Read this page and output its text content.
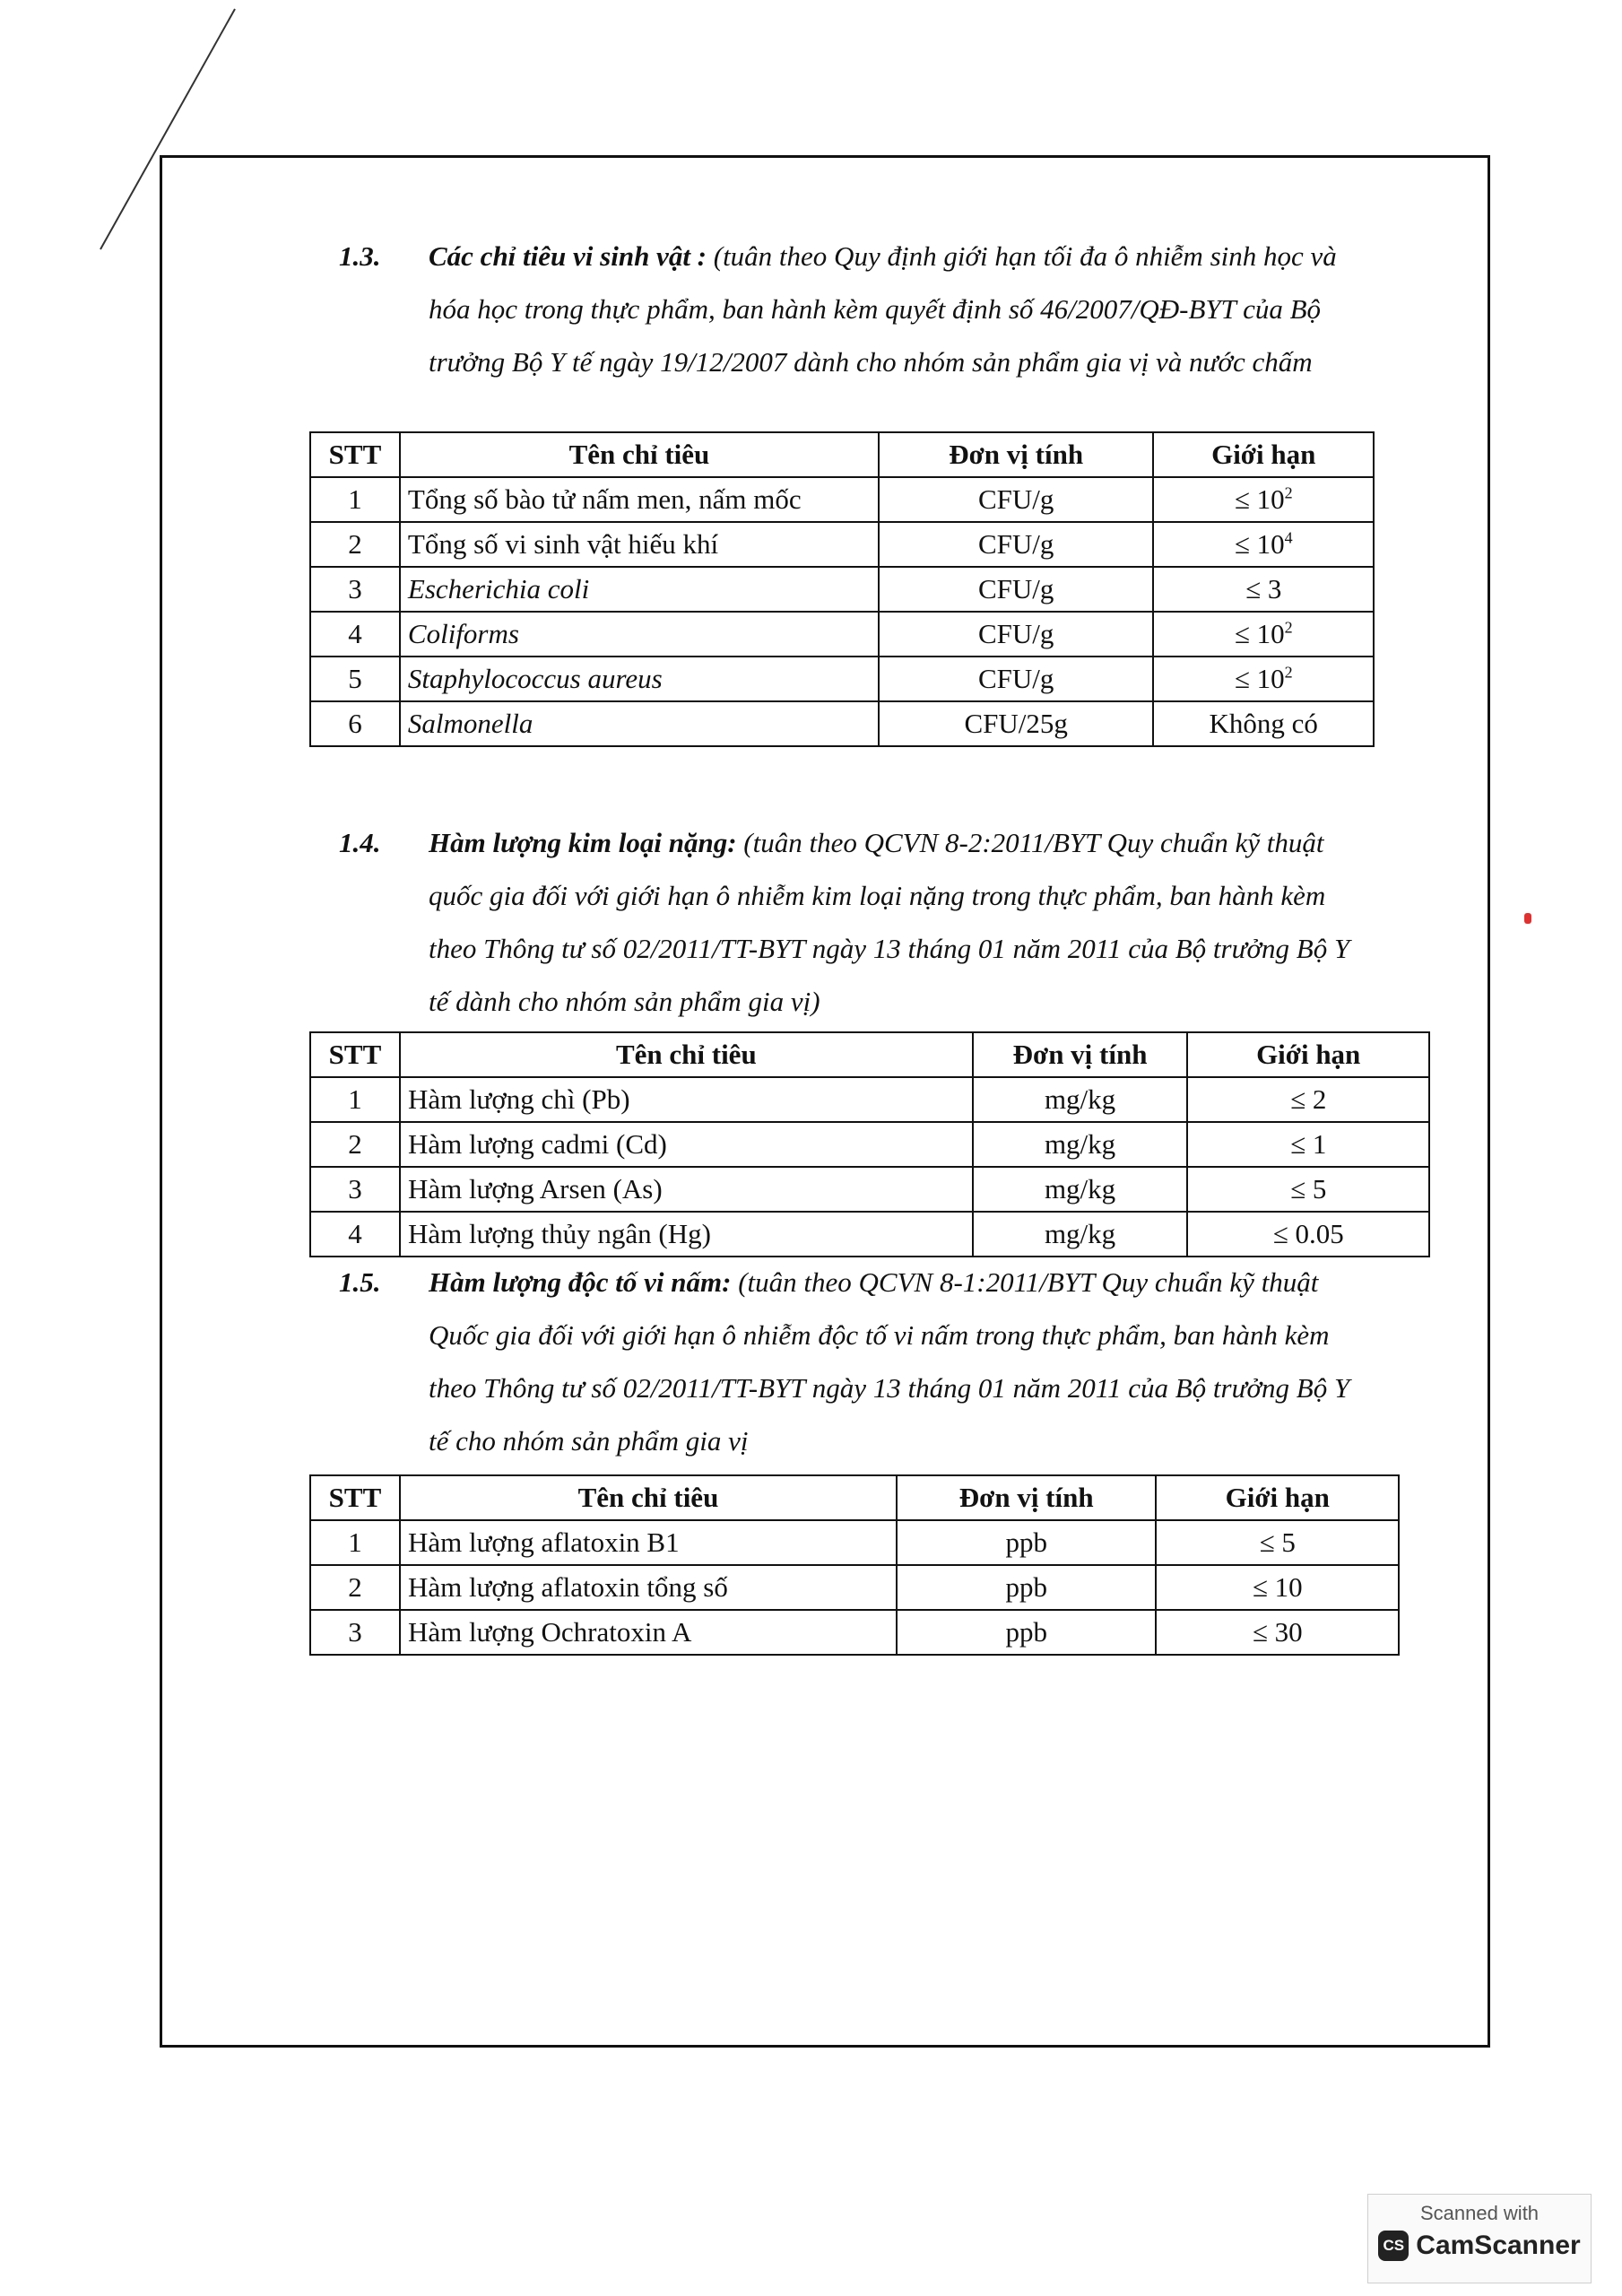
1.3. Các chỉ tiêu vi sinh vật : (tuân theo Quy định giới hạn tối đa ô nhiễm sinh học và
hóa học trong thực phẩm, ban hành kèm quyết định số 46/2007/QĐ-BYT của Bộ
trưởng Bộ Y tế ngày 19/12/2007 dành cho nhóm sản phẩm gia vị và nước chấm
STT	Tên chỉ tiêu	Đơn vị tính	Giới hạn
1	Tổng số bào tử nấm men, nấm mốc	CFU/g	≤ $10^2$
2	Tổng số vi sinh vật hiếu khí	CFU/g	≤ $10^4$
3	Escherichia coli	CFU/g	≤ 3
4	Coliforms	CFU/g	≤ $10^2$
5	Staphylococcus aureus	CFU/g	≤ $10^2$
6	Salmonella	CFU/25g	Không có
1.4. Hàm lượng kim loại nặng: (tuân theo QCVN 8-2:2011/BYT Quy chuẩn kỹ thuật
quốc gia đối với giới hạn ô nhiễm kim loại nặng trong thực phẩm, ban hành kèm
theo Thông tư số 02/2011/TT-BYT ngày 13 tháng 01 năm 2011 của Bộ trưởng Bộ Y
tế dành cho nhóm sản phẩm gia vị)
STT	Tên chỉ tiêu	Đơn vị tính	Giới hạn
1	Hàm lượng chì (Pb)	mg/kg	≤ 2
2	Hàm lượng cadmi (Cd)	mg/kg	≤ 1
3	Hàm lượng Arsen (As)	mg/kg	≤ 5
4	Hàm lượng thủy ngân (Hg)	mg/kg	≤ 0.05
1.5. Hàm lượng độc tố vi nấm: (tuân theo QCVN 8-1:2011/BYT Quy chuẩn kỹ thuật
Quốc gia đối với giới hạn ô nhiễm độc tố vi nấm trong thực phẩm, ban hành kèm
theo Thông tư số 02/2011/TT-BYT ngày 13 tháng 01 năm 2011 của Bộ trưởng Bộ Y
tế cho nhóm sản phẩm gia vị
STT	Tên chỉ tiêu	Đơn vị tính	Giới hạn
1	Hàm lượng aflatoxin B1	ppb	≤ 5
2	Hàm lượng aflatoxin tổng số	ppb	≤ 10
3	Hàm lượng Ochratoxin A	ppb	≤ 30
Scanned with
CS CamScanner
